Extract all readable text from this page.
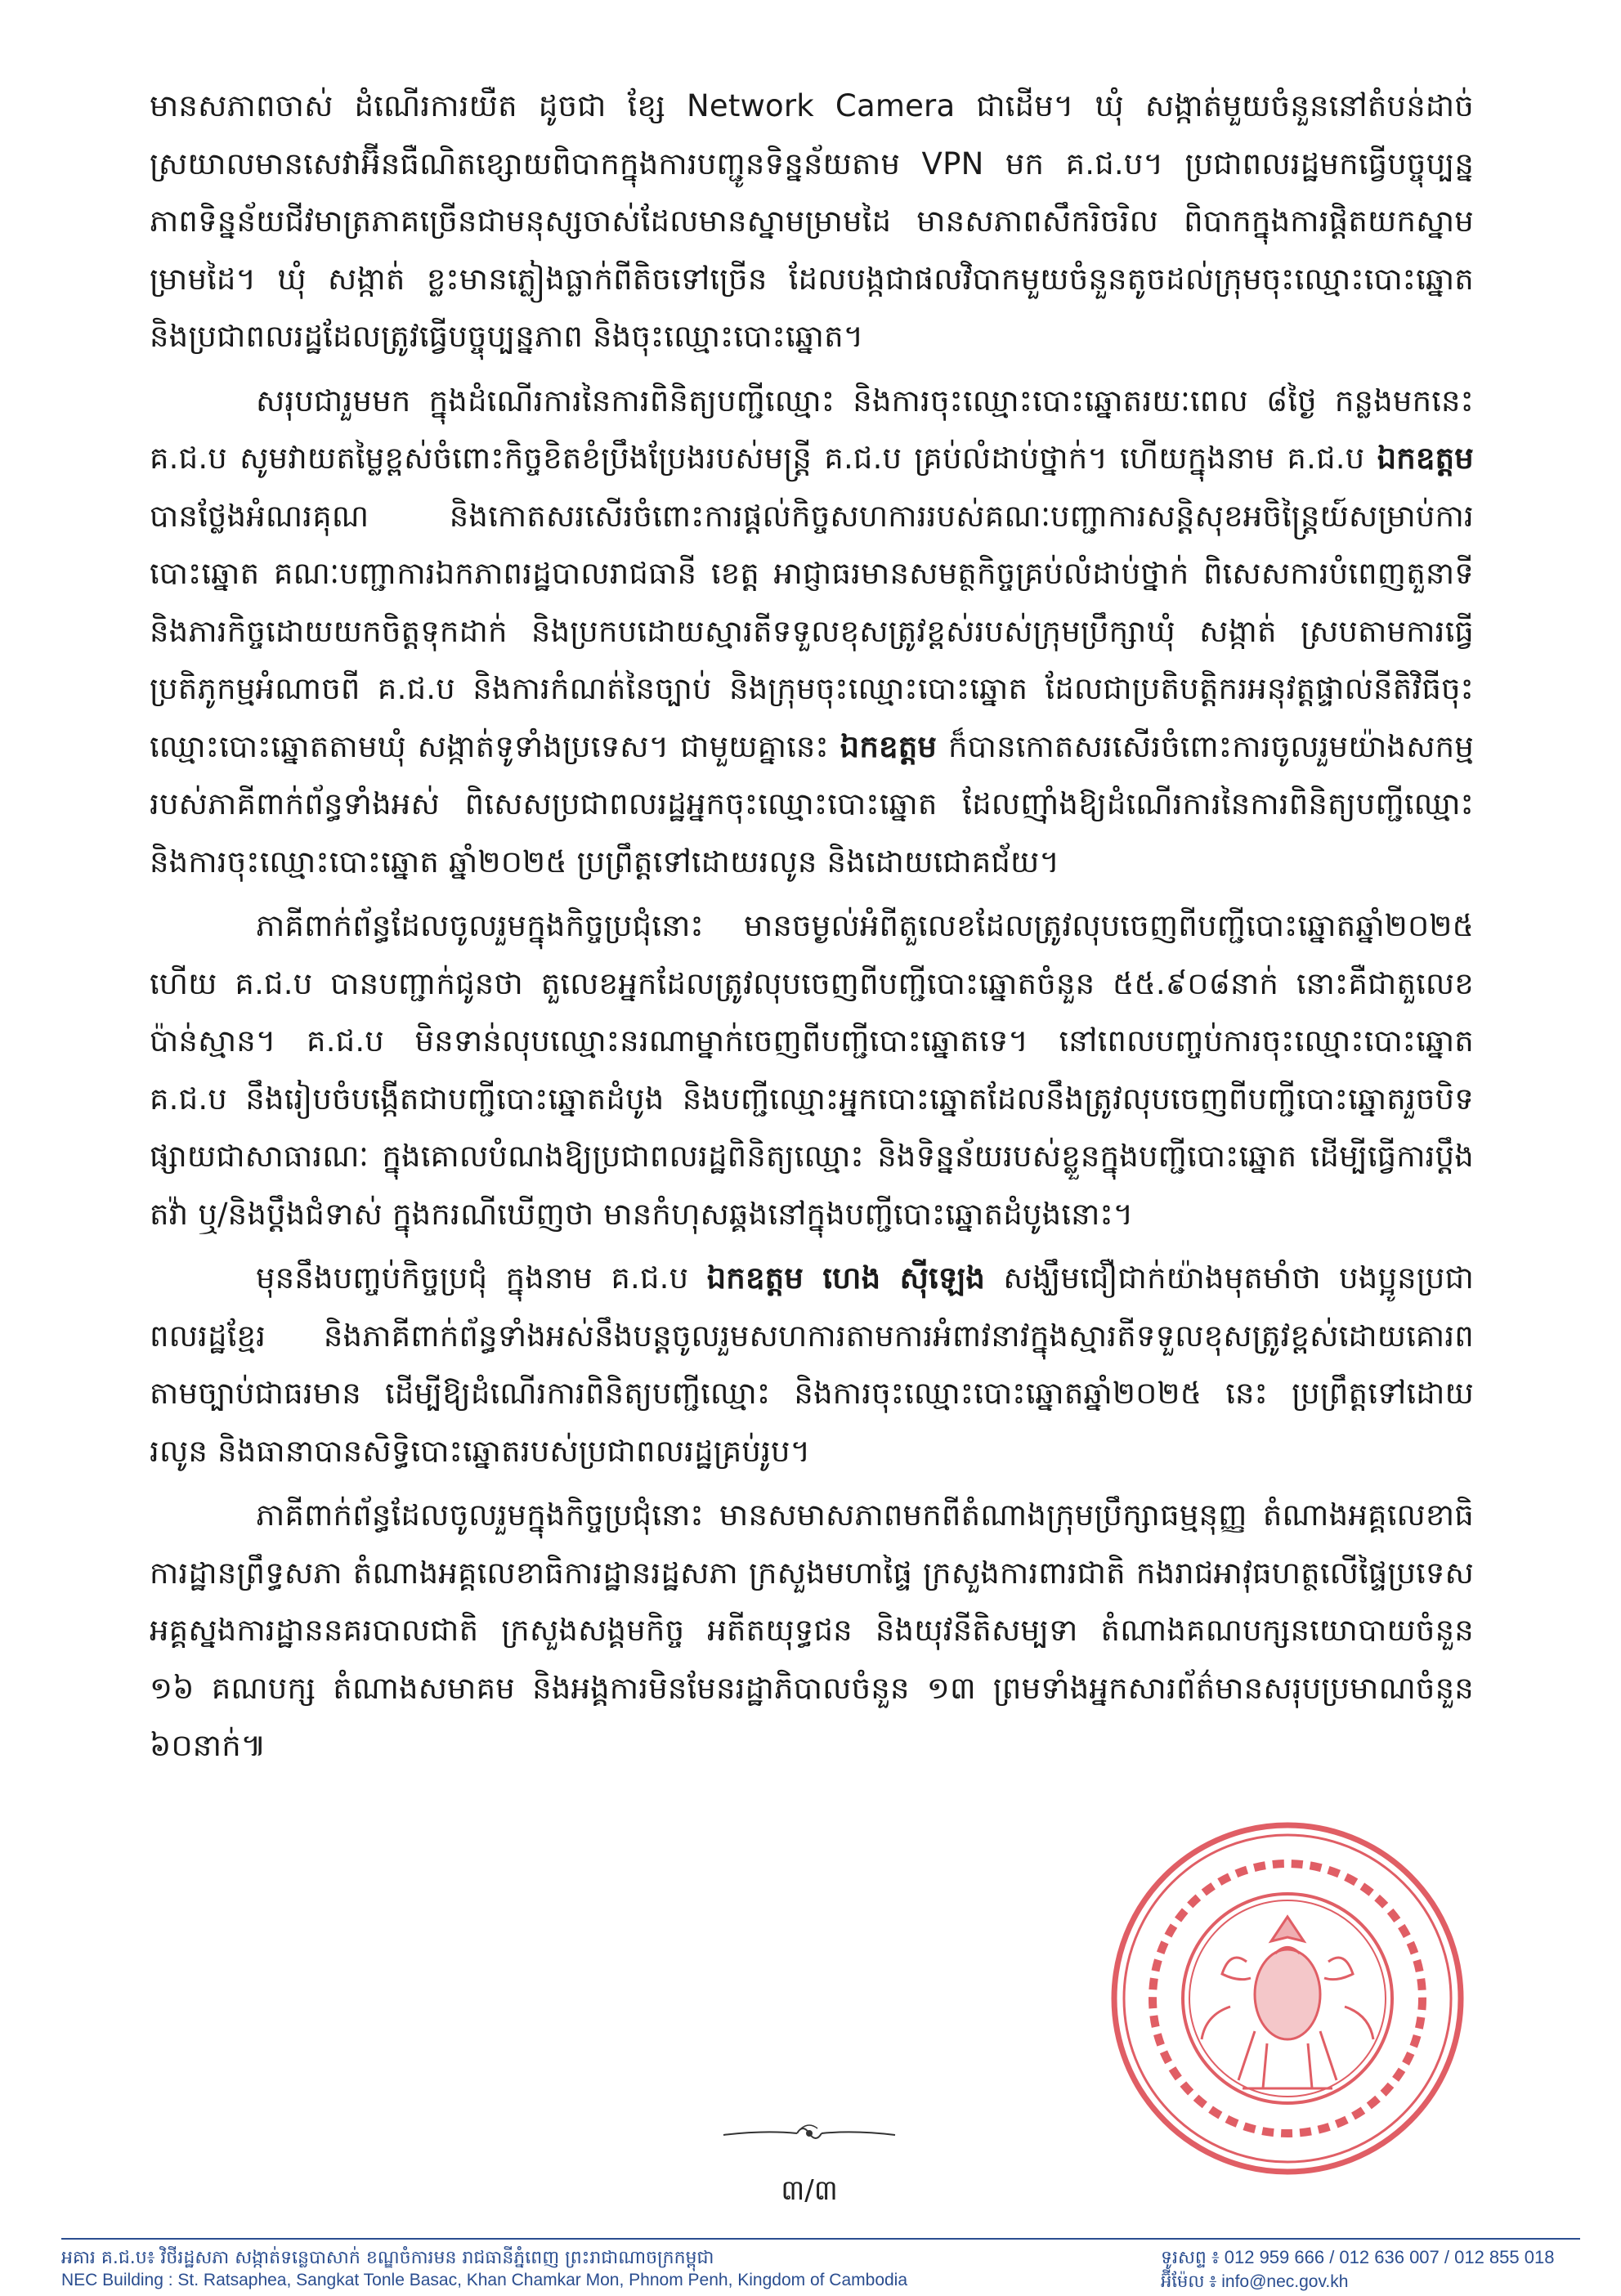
មានសភាពចាស់ ដំណើរការយឺត ដូចជា ខ្សែ Network Camera ជាដើម។ ឃុំ សង្កាត់មួយចំនួននៅតំបន់ដាច់ស្រយាលមានសេវាអ៊ីនធឺណិតខ្សោយពិបាកក្នុងការបញ្ជូនទិន្នន័យតាម VPN មក គ.ជ.ប។ ប្រជាពលរដ្ឋមកធ្វើបច្ចុប្បន្នភាពទិន្នន័យជីវមាត្រភាគច្រើនជាមនុស្សចាស់ដែលមានស្នាមម្រាមដៃ មានសភាពសឹករិចរិល ពិបាកក្នុងការផ្ដិតយកស្នាមម្រាមដៃ។ ឃុំ សង្កាត់ ខ្លះមានភ្លៀងធ្លាក់ពីតិចទៅច្រើន ដែលបង្កជាផលវិបាកមួយចំនួនតូចដល់ក្រុមចុះឈ្មោះបោះឆ្នោត និងប្រជាពលរដ្ឋដែលត្រូវធ្វើបច្ចុប្បន្នភាព និងចុះឈ្មោះបោះឆ្នោត។

សរុបជារួមមក ក្នុងដំណើរការនៃការពិនិត្យបញ្ជីឈ្មោះ និងការចុះឈ្មោះបោះឆ្នោតរយៈពេល ៨ថ្ងៃ កន្លងមកនេះ គ.ជ.ប សូមវាយតម្លៃខ្ពស់ចំពោះកិច្ចខិតខំប្រឹងប្រែងរបស់មន្ត្រី គ.ជ.ប គ្រប់លំដាប់ថ្នាក់។ ហើយក្នុងនាម គ.ជ.ប ឯកឧត្តម បានថ្លែងអំណរគុណ និងកោតសរសើរចំពោះការផ្ដល់កិច្ចសហការរបស់គណៈបញ្ជាការសន្តិសុខអចិន្ត្រៃយ៍សម្រាប់ការបោះឆ្នោត គណៈបញ្ជាការឯកភាពរដ្ឋបាលរាជធានី ខេត្ត អាជ្ញាធរមានសមត្ថកិច្ចគ្រប់លំដាប់ថ្នាក់ ពិសេសការបំពេញតួនាទី និងភារកិច្ចដោយយកចិត្តទុកដាក់ និងប្រកបដោយស្មារតីទទួលខុសត្រូវខ្ពស់របស់ក្រុមប្រឹក្សាឃុំ សង្កាត់ ស្របតាមការធ្វើប្រតិភូកម្មអំណាចពី គ.ជ.ប និងការកំណត់នៃច្បាប់ និងក្រុមចុះឈ្មោះបោះឆ្នោត ដែលជាប្រតិបត្តិករអនុវត្តផ្ទាល់នីតិវិធីចុះឈ្មោះបោះឆ្នោតតាមឃុំ សង្កាត់ទូទាំងប្រទេស។ ជាមួយគ្នានេះ ឯកឧត្តម ក៏បានកោតសរសើរចំពោះការចូលរួមយ៉ាងសកម្មរបស់ភាគីពាក់ព័ន្ធទាំងអស់ ពិសេសប្រជាពលរដ្ឋអ្នកចុះឈ្មោះបោះឆ្នោត ដែលញ៉ាំងឱ្យដំណើរការនៃការពិនិត្យបញ្ជីឈ្មោះ និងការចុះឈ្មោះបោះឆ្នោត ឆ្នាំ២០២៥ ប្រព្រឹត្តទៅដោយរលូន និងដោយជោគជ័យ។

ភាគីពាក់ព័ន្ធដែលចូលរួមក្នុងកិច្ចប្រជុំនោះ មានចម្ងល់អំពីតួលេខដែលត្រូវលុបចេញពីបញ្ជីបោះឆ្នោតឆ្នាំ២០២៥ ហើយ គ.ជ.ប បានបញ្ជាក់ជូនថា តួលេខអ្នកដែលត្រូវលុបចេញពីបញ្ជីបោះឆ្នោតចំនួន ៥៥.៩០៨នាក់ នោះគឺជាតួលេខប៉ាន់ស្មាន។ គ.ជ.ប មិនទាន់លុបឈ្មោះនរណាម្នាក់ចេញពីបញ្ជីបោះឆ្នោតទេ។ នៅពេលបញ្ចប់ការចុះឈ្មោះបោះឆ្នោត គ.ជ.ប នឹងរៀបចំបង្កើតជាបញ្ជីបោះឆ្នោតដំបូង និងបញ្ជីឈ្មោះអ្នកបោះឆ្នោតដែលនឹងត្រូវលុបចេញពីបញ្ជីបោះឆ្នោតរួចបិទផ្សាយជាសាធារណៈ ក្នុងគោលបំណងឱ្យប្រជាពលរដ្ឋពិនិត្យឈ្មោះ និងទិន្នន័យរបស់ខ្លួនក្នុងបញ្ជីបោះឆ្នោត ដើម្បីធ្វើការប្ដឹងតវ៉ា ឬ/និងប្ដឹងជំទាស់ ក្នុងករណីឃើញថា មានកំហុសឆ្គងនៅក្នុងបញ្ជីបោះឆ្នោតដំបូងនោះ។

មុននឹងបញ្ចប់កិច្ចប្រជុំ ក្នុងនាម គ.ជ.ប ឯកឧត្តម ហេង ស៊ីឡេង សង្ឃឹមជឿជាក់យ៉ាងមុតមាំថា បងប្អូនប្រជាពលរដ្ឋខ្មែរ និងភាគីពាក់ព័ន្ធទាំងអស់នឹងបន្តចូលរួមសហការតាមការអំពាវនាវក្នុងស្មារតីទទួលខុសត្រូវខ្ពស់ដោយគោរពតាមច្បាប់ជាធរមាន ដើម្បីឱ្យដំណើរការពិនិត្យបញ្ជីឈ្មោះ និងការចុះឈ្មោះបោះឆ្នោតឆ្នាំ២០២៥ នេះ ប្រព្រឹត្តទៅដោយរលូន និងធានាបានសិទ្ធិបោះឆ្នោតរបស់ប្រជាពលរដ្ឋគ្រប់រូប។

ភាគីពាក់ព័ន្ធដែលចូលរួមក្នុងកិច្ចប្រជុំនោះ មានសមាសភាពមកពីតំណាងក្រុមប្រឹក្សាធម្មនុញ្ញ តំណាងអគ្គលេខាធិការដ្ឋានព្រឹទ្ធសភា តំណាងអគ្គលេខាធិការដ្ឋានរដ្ឋសភា ក្រសួងមហាផ្ទៃ ក្រសួងការពារជាតិ កងរាជអាវុធហត្ថលើផ្ទៃប្រទេស អគ្គស្នងការដ្ឋាននគរបាលជាតិ ក្រសួងសង្គមកិច្ច អតីតយុទ្ធជន និងយុវនីតិសម្បទា តំណាងគណបក្សនយោបាយចំនួន ១៦ គណបក្ស តំណាងសមាគម និងអង្គការមិនមែនរដ្ឋាភិបាលចំនួន ១៣ ព្រមទាំងអ្នកសារព័ត៌មានសរុបប្រមាណចំនួន ៦០នាក់៕

៣/៣
អគារ គ.ជ.ប៖ វិថីរដ្ឋសភា សង្កាត់ទន្លេបាសាក់ ខណ្ឌចំការមន រាជធានីភ្នំពេញ ព្រះរាជាណាចក្រកម្ពុជា
NEC Building : St. Ratsaphea, Sangkat Tonle Basac, Khan Chamkar Mon, Phnom Penh, Kingdom of Cambodia
ទូរសព្ទ ៖ 012 959 666 / 012 636 007 / 012 855 018
អ៊ីម៉ែល ៖ info@nec.gov.kh
